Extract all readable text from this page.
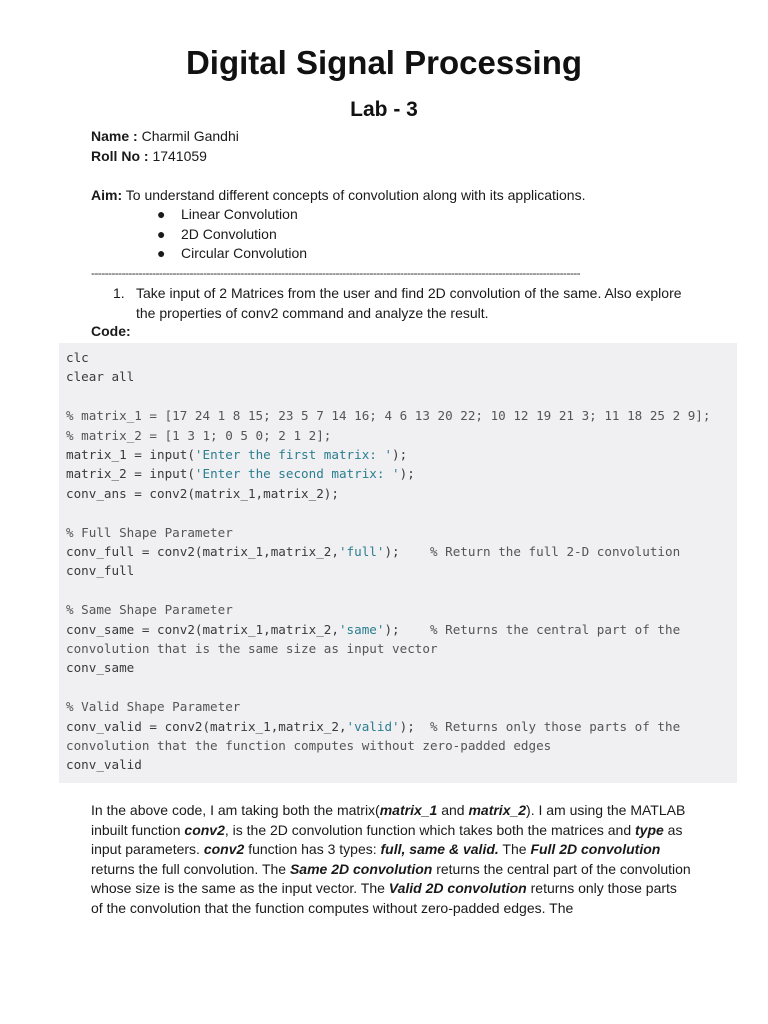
Digital Signal Processing
Lab - 3
Name : Charmil Gandhi
Roll No : 1741059
Aim: To understand different concepts of convolution along with its applications.
● Linear Convolution
● 2D Convolution
● Circular Convolution
------------------------------------------------------------------------------------------------------------------------------------------------
1. Take input of 2 Matrices from the user and find 2D convolution of the same. Also explore the properties of conv2 command and analyze the result.
Code:
clc
clear all
% matrix_1 = [17 24 1 8 15; 23 5 7 14 16; 4 6 13 20 22; 10 12 19 21 3; 11 18 25 2 9];
% matrix_2 = [1 3 1; 0 5 0; 2 1 2];
matrix_1 = input('Enter the first matrix: ');
matrix_2 = input('Enter the second matrix: ');
conv_ans = conv2(matrix_1,matrix_2);
% Full Shape Parameter
conv_full = conv2(matrix_1,matrix_2,'full');    % Return the full 2-D convolution
conv_full
% Same Shape Parameter
conv_same = conv2(matrix_1,matrix_2,'same');    % Returns the central part of the
convolution that is the same size as input vector
conv_same
% Valid Shape Parameter
conv_valid = conv2(matrix_1,matrix_2,'valid');  % Returns only those parts of the
convolution that the function computes without zero-padded edges
conv_valid
In the above code, I am taking both the matrix(matrix_1 and matrix_2). I am using the MATLAB inbuilt function conv2, is the 2D convolution function which takes both the matrices and type as input parameters. conv2 function has 3 types: full, same & valid. The Full 2D convolution returns the full convolution. The Same 2D convolution returns the central part of the convolution whose size is the same as the input vector. The Valid 2D convolution returns only those parts of the convolution that the function computes without zero-padded edges. The
